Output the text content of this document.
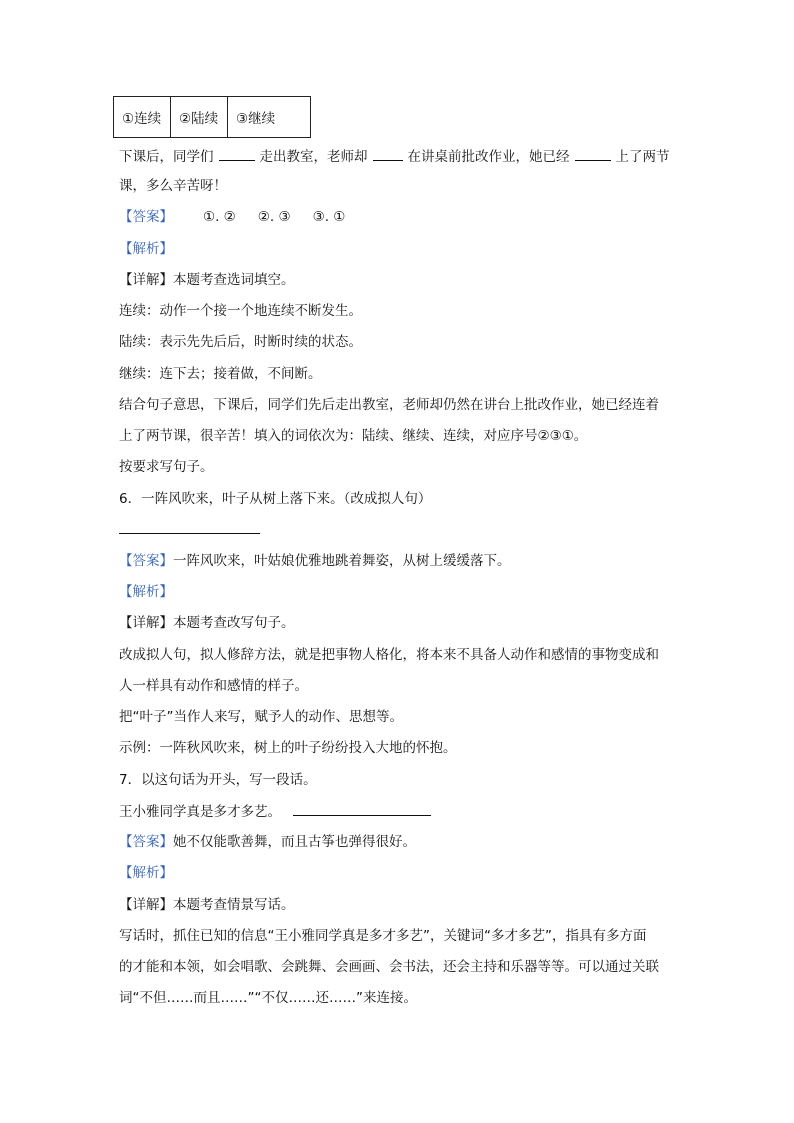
①连续	②陆续	③继续
下课后，同学们	走出教室，老师却	在讲桌前批改作业，她已经	上了两节
课，多么辛苦呀！
【答案】 ①. ② ②. ③ ③. ①
【解析】
【详解】本题考查选词填空。
连续：动作一个接一个地连续不断发生。
陆续：表示先先后后，时断时续的状态。
继续：连下去；接着做，不间断。
结合句子意思，下课后，同学们先后走出教室，老师却仍然在讲台上批改作业，她已经连着
上了两节课，很辛苦！填入的词依次为：陆续、继续、连续，对应序号②③①。
按要求写句子。
6．一阵风吹来，叶子从树上落下来。（改成拟人句）
【答案】一阵风吹来，叶姑娘优雅地跳着舞姿，从树上缓缓落下。
【解析】
【详解】本题考查改写句子。
改成拟人句，拟人修辞方法，就是把事物人格化，将本来不具备人动作和感情的事物变成和
人一样具有动作和感情的样子。
把“叶子”当作人来写，赋予人的动作、思想等。
示例：一阵秋风吹来，树上的叶子纷纷投入大地的怀抱。
7．以这句话为开头，写一段话。
王小雅同学真是多才多艺。
【答案】她不仅能歌善舞，而且古筝也弹得很好。
【解析】
【详解】本题考查情景写话。
写话时，抓住已知的信息“王小雅同学真是多才多艺”，关键词“多才多艺”，指具有多方面
的才能和本领，如会唱歌、会跳舞、会画画、会书法，还会主持和乐器等等。可以通过关联
词“不但……而且……”“不仅……还……”来连接。
